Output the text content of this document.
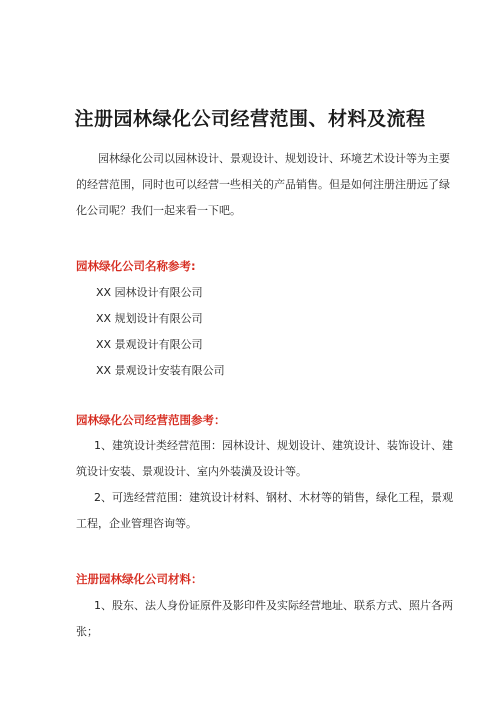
注册园林绿化公司经营范围、材料及流程
园林绿化公司以园林设计、景观设计、规划设计、环境艺术设计等为主要
的经营范围，同时也可以经营一些相关的产品销售。但是如何注册注册远了绿
化公司呢？我们一起来看一下吧。
园林绿化公司名称参考:
XX 园林设计有限公司
XX 规划设计有限公司
XX 景观设计有限公司
XX 景观设计安装有限公司
园林绿化公司经营范围参考：
1、建筑设计类经营范围：园林设计、规划设计、建筑设计、装饰设计、建
筑设计安装、景观设计、室内外装潢及设计等。
2、可选经营范围：建筑设计材料、钢材、木材等的销售，绿化工程，景观
工程，企业管理咨询等。
注册园林绿化公司材料：
1、股东、法人身份证原件及影印件及实际经营地址、联系方式、照片各两
张；
